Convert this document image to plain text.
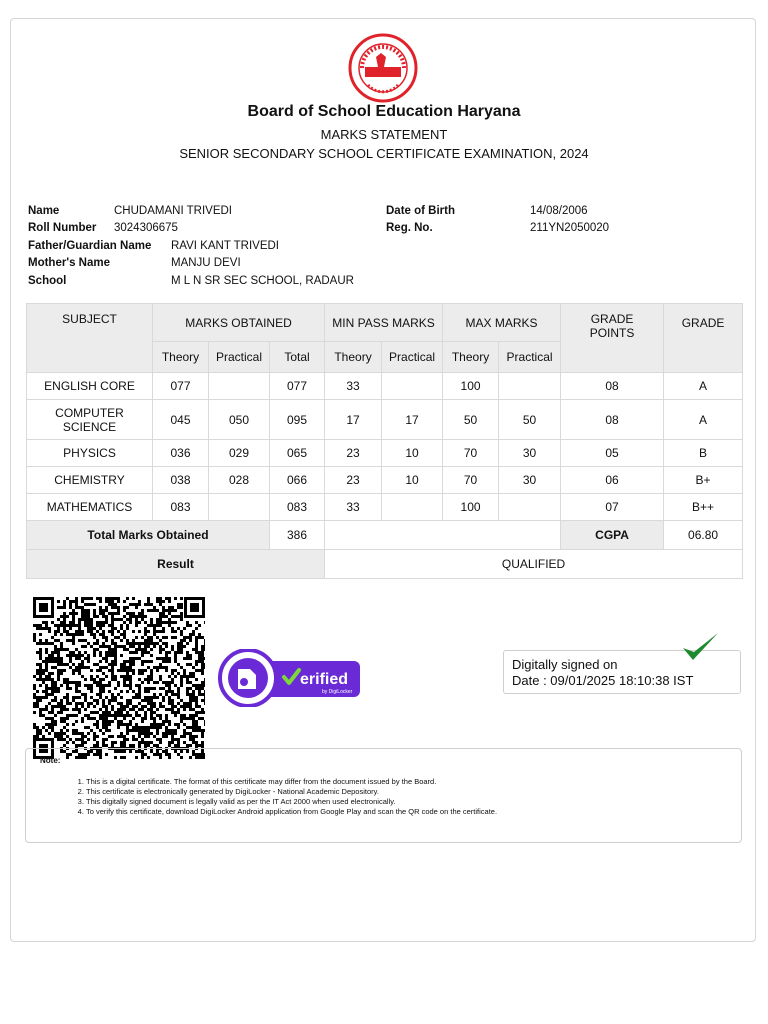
Board of School Education Haryana
MARKS STATEMENT
SENIOR SECONDARY SCHOOL CERTIFICATE EXAMINATION, 2024
Name	CHUDAMANI TRIVEDI
Roll Number 3024306675
Father/Guardian Name RAVI KANT TRIVEDI
Mother's Name	MANJU DEVI
School	M L N SR SEC SCHOOL, RADAUR
Date of Birth	14/08/2006
Reg. No.	211YN2050020
SUBJECT	MARKS OBTAINED			MIN PASS MARKS		MAX MARKS		GRADE POINTS	GRADE
	Theory	Practical	Total	Theory	Practical	Theory	Practical		
ENGLISH CORE	077		077	33		100		08	A

COMPUTER SCIENCE	045	050	095	17	17	50	50	08	A
PHYSICS	036	029	065	23	10	70	30	05	B
CHEMISTRY	038	028	066	23	10	70	30	06	B+
MATHEMATICS	083		083	33		100		07	B++
Total Marks Obtained			386					CGPA	06.80
Result				QUALIFIED					
erified
by DigiLocker
Digitally signed on
Date : 09/01/2025 18:10:38 IST
Note:
1. This is a digital certificate. The format of this certificate may differ from the document issued by the Board.
2. This certificate is electronically generated by DigiLocker - National Academic Depository.
3. This digitally signed document is legally valid as per the IT Act 2000 when used electronically.
4. To verify this certificate, download DigiLocker Android application from Google Play and scan the QR code on the certificate.
